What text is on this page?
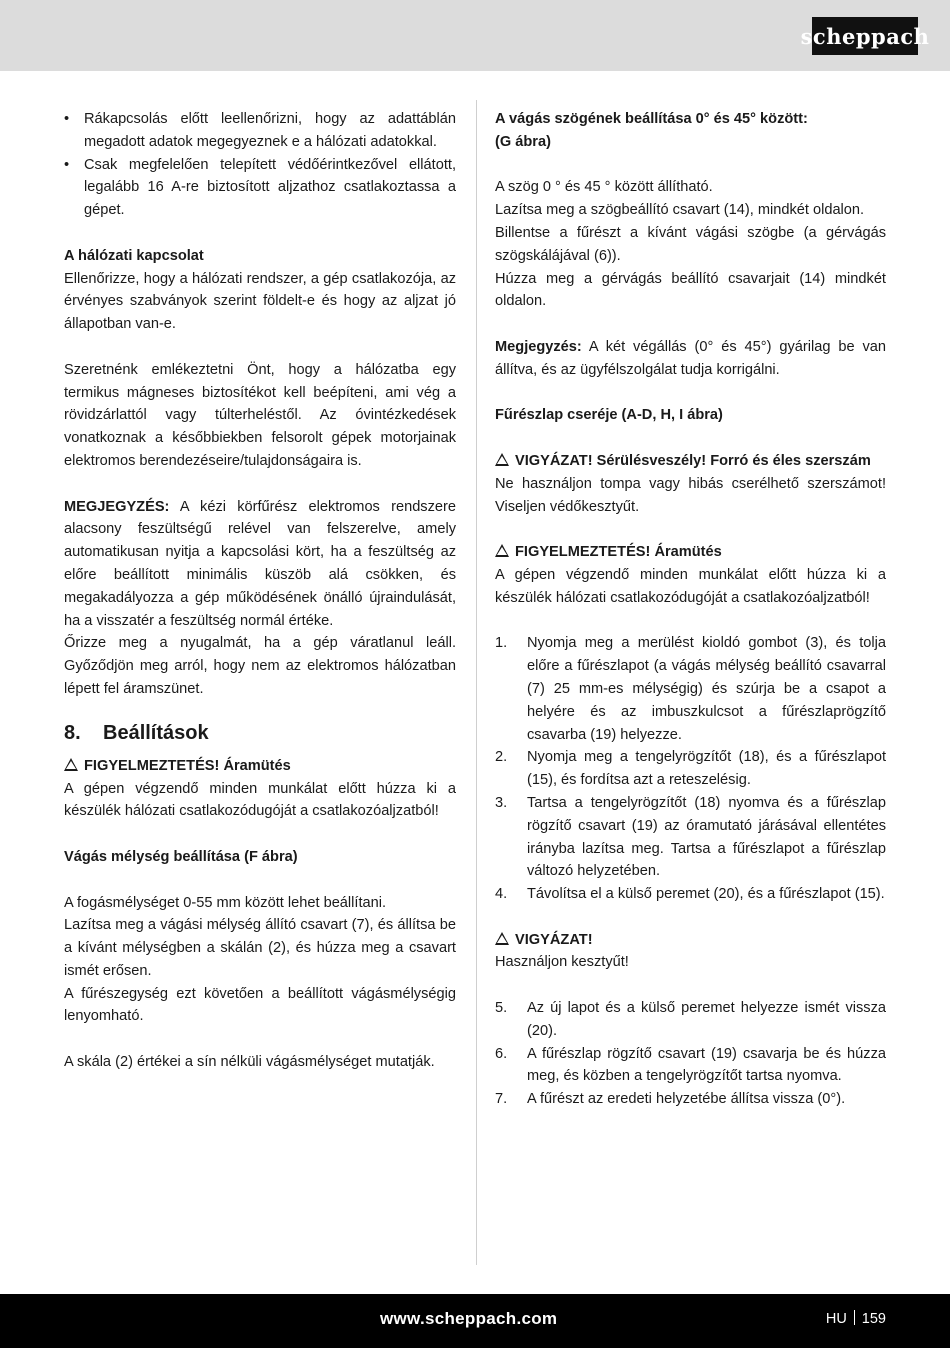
scheppach
• Rákapcsolás előtt leellenőrizni, hogy az adattáblán megadott adatok megegyeznek e a hálózati adatokkal.
• Csak megfelelően telepített védőérintkezővel ellátott, legalább 16 A-re biztosított aljzathoz csatlakoztassa a gépet.

A hálózati kapcsolat

Ellenőrizze, hogy a hálózati rendszer, a gép csatlakozója, az érvényes szabványok szerint földelt-e és hogy az aljzat jó állapotban van-e.

Szeretnénk emlékeztetni Önt, hogy a hálózatba egy termikus mágneses biztosítékot kell beépíteni, ami vég a rövidzárlattól vagy túlterheléstől. Az óvintézkedések vonatkoznak a későbbiekben felsorolt gépek motorjainak elektromos berendezéseire/tulajdonságaira is.

MEGJEGYZÉS: A kézi körfűrész elektromos rendszere alacsony feszültségű relével van felszerelve, amely automatikusan nyitja a kapcsolási kört, ha a feszültség az előre beállított minimális küszöb alá csökken, és megakadályozza a gép működésének önálló újraindulását, ha a visszatér a feszültség normál értéke.

Őrizze meg a nyugalmát, ha a gép váratlanul leáll. Győződjön meg arról, hogy nem az elektromos hálózatban lépett fel áramszünet.

8. Beállítások

FIGYELMEZTETÉS! Áramütés

A gépen végzendő minden munkálat előtt húzza ki a készülék hálózati csatlakozódugóját a csatlakozóaljzatból!

Vágás mélység beállítása (F ábra)

A fogásmélységet 0-55 mm között lehet beállítani.

Lazítsa meg a vágási mélység állító csavart (7), és állítsa be a kívánt mélységben a skálán (2), és húzza meg a csavart ismét erősen.

A fűrészegység ezt követően a beállított vágásmélységig lenyomható.

A skála (2) értékei a sín nélküli vágásmélységet mutatják.

A vágás szögének beállítása 0° és 45° között:

(G ábra)

A szög 0 ° és 45 ° között állítható.

Lazítsa meg a szögbeállító csavart (14), mindkét oldalon.

Billentse a fűrészt a kívánt vágási szögbe (a gérvágás szögskálájával (6)).

Húzza meg a gérvágás beállító csavarjait (14) mindkét oldalon.

Megjegyzés: A két végállás (0° és 45°) gyárilag be van állítva, és az ügyfélszolgálat tudja korrigálni.

Fűrészlap cseréje (A-D, H, I ábra)

VIGYÁZAT! Sérülésveszély! Forró és éles szerszám

Ne használjon tompa vagy hibás cserélhető szerszámot! Viseljen védőkesztyűt.

FIGYELMEZTETÉS! Áramütés

A gépen végzendő minden munkálat előtt húzza ki a készülék hálózati csatlakozódugóját a csatlakozóaljzatból!

1. Nyomja meg a merülést kioldó gombot (3), és tolja előre a fűrészlapot (a vágás mélység beállító csavarral (7) 25 mm-es mélységig) és szúrja be a csapot a helyére és az imbuszkulcsot a fűrészlaprögzítő csavarba (19) helyezze.
2. Nyomja meg a tengelyrögzítőt (18), és a fűrészlapot (15), és fordítsa azt a reteszelésig.
3. Tartsa a tengelyrögzítőt (18) nyomva és a fűrészlap rögzítő csavart (19) az óramutató járásával ellentétes irányba lazítsa meg. Tartsa a fűrészlapot a fűrészlap változó helyzetében.
4. Távolítsa el a külső peremet (20), és a fűrészlapot (15).

VIGYÁZAT!

Használjon kesztyűt!

5. Az új lapot és a külső peremet helyezze ismét vissza (20).
6. A fűrészlap rögzítő csavart (19) csavarja be és húzza meg, és közben a tengelyrögzítőt tartsa nyomva.
7. A fűrészt az eredeti helyzetébe állítsa vissza (0°).
www.scheppach.com	HU 159
